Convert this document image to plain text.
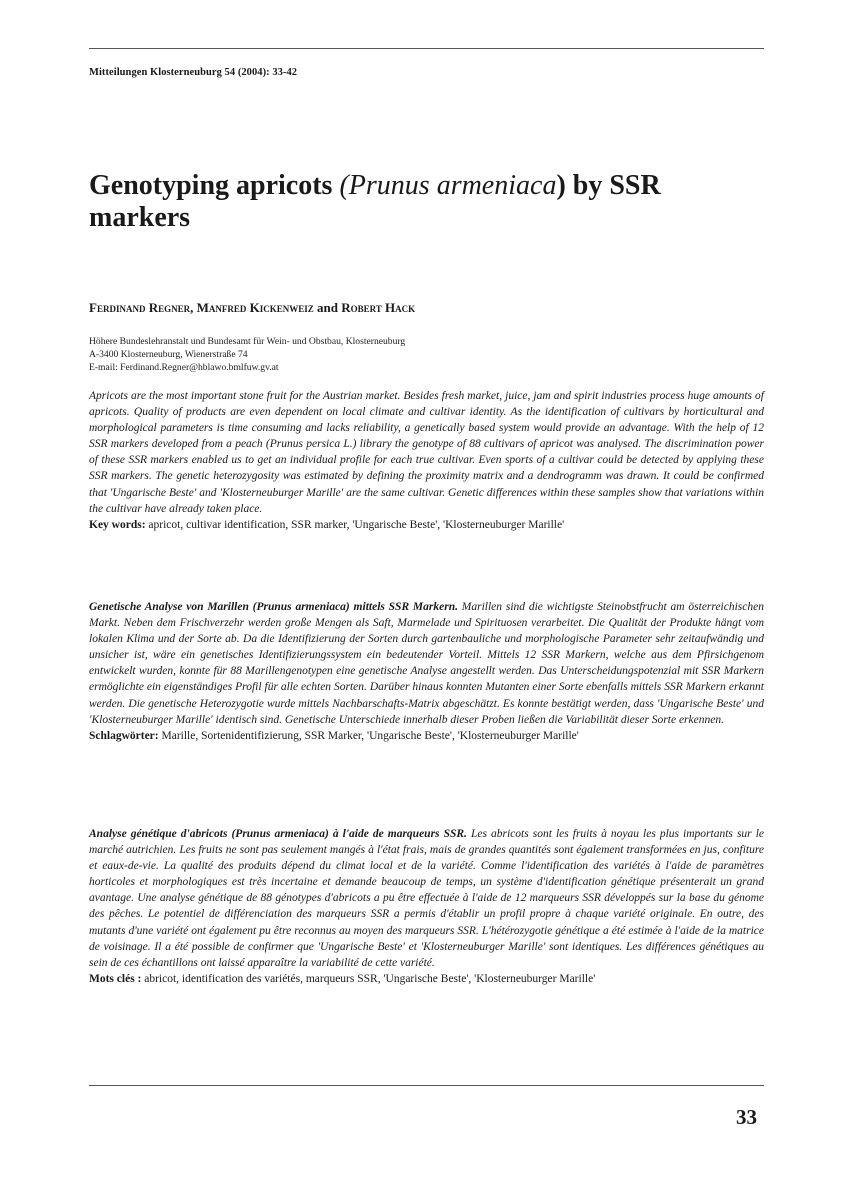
Mitteilungen Klosterneuburg 54 (2004): 33-42
Genotyping apricots (Prunus armeniaca) by SSR markers
Ferdinand Regner, Manfred Kickenweiz and Robert Hack
Höhere Bundeslehranstalt und Bundesamt für Wein- und Obstbau, Klosterneuburg
A-3400 Klosterneuburg, Wienerstraße 74
E-mail: Ferdinand.Regner@hblawo.bmlfuw.gv.at
Apricots are the most important stone fruit for the Austrian market. Besides fresh market, juice, jam and spirit industries process huge amounts of apricots. Quality of products are even dependent on local climate and cultivar identity. As the identification of cultivars by horticultural and morphological parameters is time consuming and lacks reliability, a genetically based system would provide an advantage. With the help of 12 SSR markers developed from a peach (Prunus persica L.) library the genotype of 88 cultivars of apricot was analysed. The discrimination power of these SSR markers enabled us to get an individual profile for each true cultivar. Even sports of a cultivar could be detected by applying these SSR markers. The genetic heterozygosity was estimated by defining the proximity matrix and a dendrogramm was drawn. It could be confirmed that 'Ungarische Beste' and 'Klosterneuburger Marille' are the same cultivar. Genetic differences within these samples show that variations within the cultivar have already taken place.
Key words: apricot, cultivar identification, SSR marker, 'Ungarische Beste', 'Klosterneuburger Marille'
Genetische Analyse von Marillen (Prunus armeniaca) mittels SSR Markern. Marillen sind die wichtigste Steinobstfrucht am österreichischen Markt. Neben dem Frischverzehr werden große Mengen als Saft, Marmelade und Spirituosen verarbeitet. Die Qualität der Produkte hängt vom lokalen Klima und der Sorte ab. Da die Identifizierung der Sorten durch gartenbauliche und morphologische Parameter sehr zeitaufwändig und unsicher ist, wäre ein genetisches Identifizierungssystem ein bedeutender Vorteil. Mittels 12 SSR Markern, welche aus dem Pfirsichgenom entwickelt wurden, konnte für 88 Marillengenotypen eine genetische Analyse angestellt werden. Das Unterscheidungspotenzial mit SSR Markern ermöglichte ein eigenständiges Profil für alle echten Sorten. Darüber hinaus konnten Mutanten einer Sorte ebenfalls mittels SSR Markern erkannt werden. Die genetische Heterozygotie wurde mittels Nachbarschafts-Matrix abgeschätzt. Es konnte bestätigt werden, dass 'Ungarische Beste' und 'Klosterneuburger Marille' identisch sind. Genetische Unterschiede innerhalb dieser Proben ließen die Variabilität dieser Sorte erkennen.
Schlagwörter: Marille, Sortenidentifizierung, SSR Marker, 'Ungarische Beste', 'Klosterneuburger Marille'
Analyse génétique d'abricots (Prunus armeniaca) à l'aide de marqueurs SSR. Les abricots sont les fruits à noyau les plus importants sur le marché autrichien. Les fruits ne sont pas seulement mangés à l'état frais, mais de grandes quantités sont également transformées en jus, confiture et eaux-de-vie. La qualité des produits dépend du climat local et de la variété. Comme l'identification des variétés à l'aide de paramètres horticoles et morphologiques est très incertaine et demande beaucoup de temps, un système d'identification génétique présenterait un grand avantage. Une analyse génétique de 88 génotypes d'abricots a pu être effectuée à l'aide de 12 marqueurs SSR développés sur la base du génome des pêches. Le potentiel de différenciation des marqueurs SSR a permis d'établir un profil propre à chaque variété originale. En outre, des mutants d'une variété ont également pu être reconnus au moyen des marqueurs SSR. L'hétérozygotie génétique a été estimée à l'aide de la matrice de voisinage. Il a été possible de confirmer que 'Ungarische Beste' et 'Klosterneuburger Marille' sont identiques. Les différences génétiques au sein de ces échantillons ont laissé apparaître la variabilité de cette variété.
Mots clés : abricot, identification des variétés, marqueurs SSR, 'Ungarische Beste', 'Klosterneuburger Marille'
33
